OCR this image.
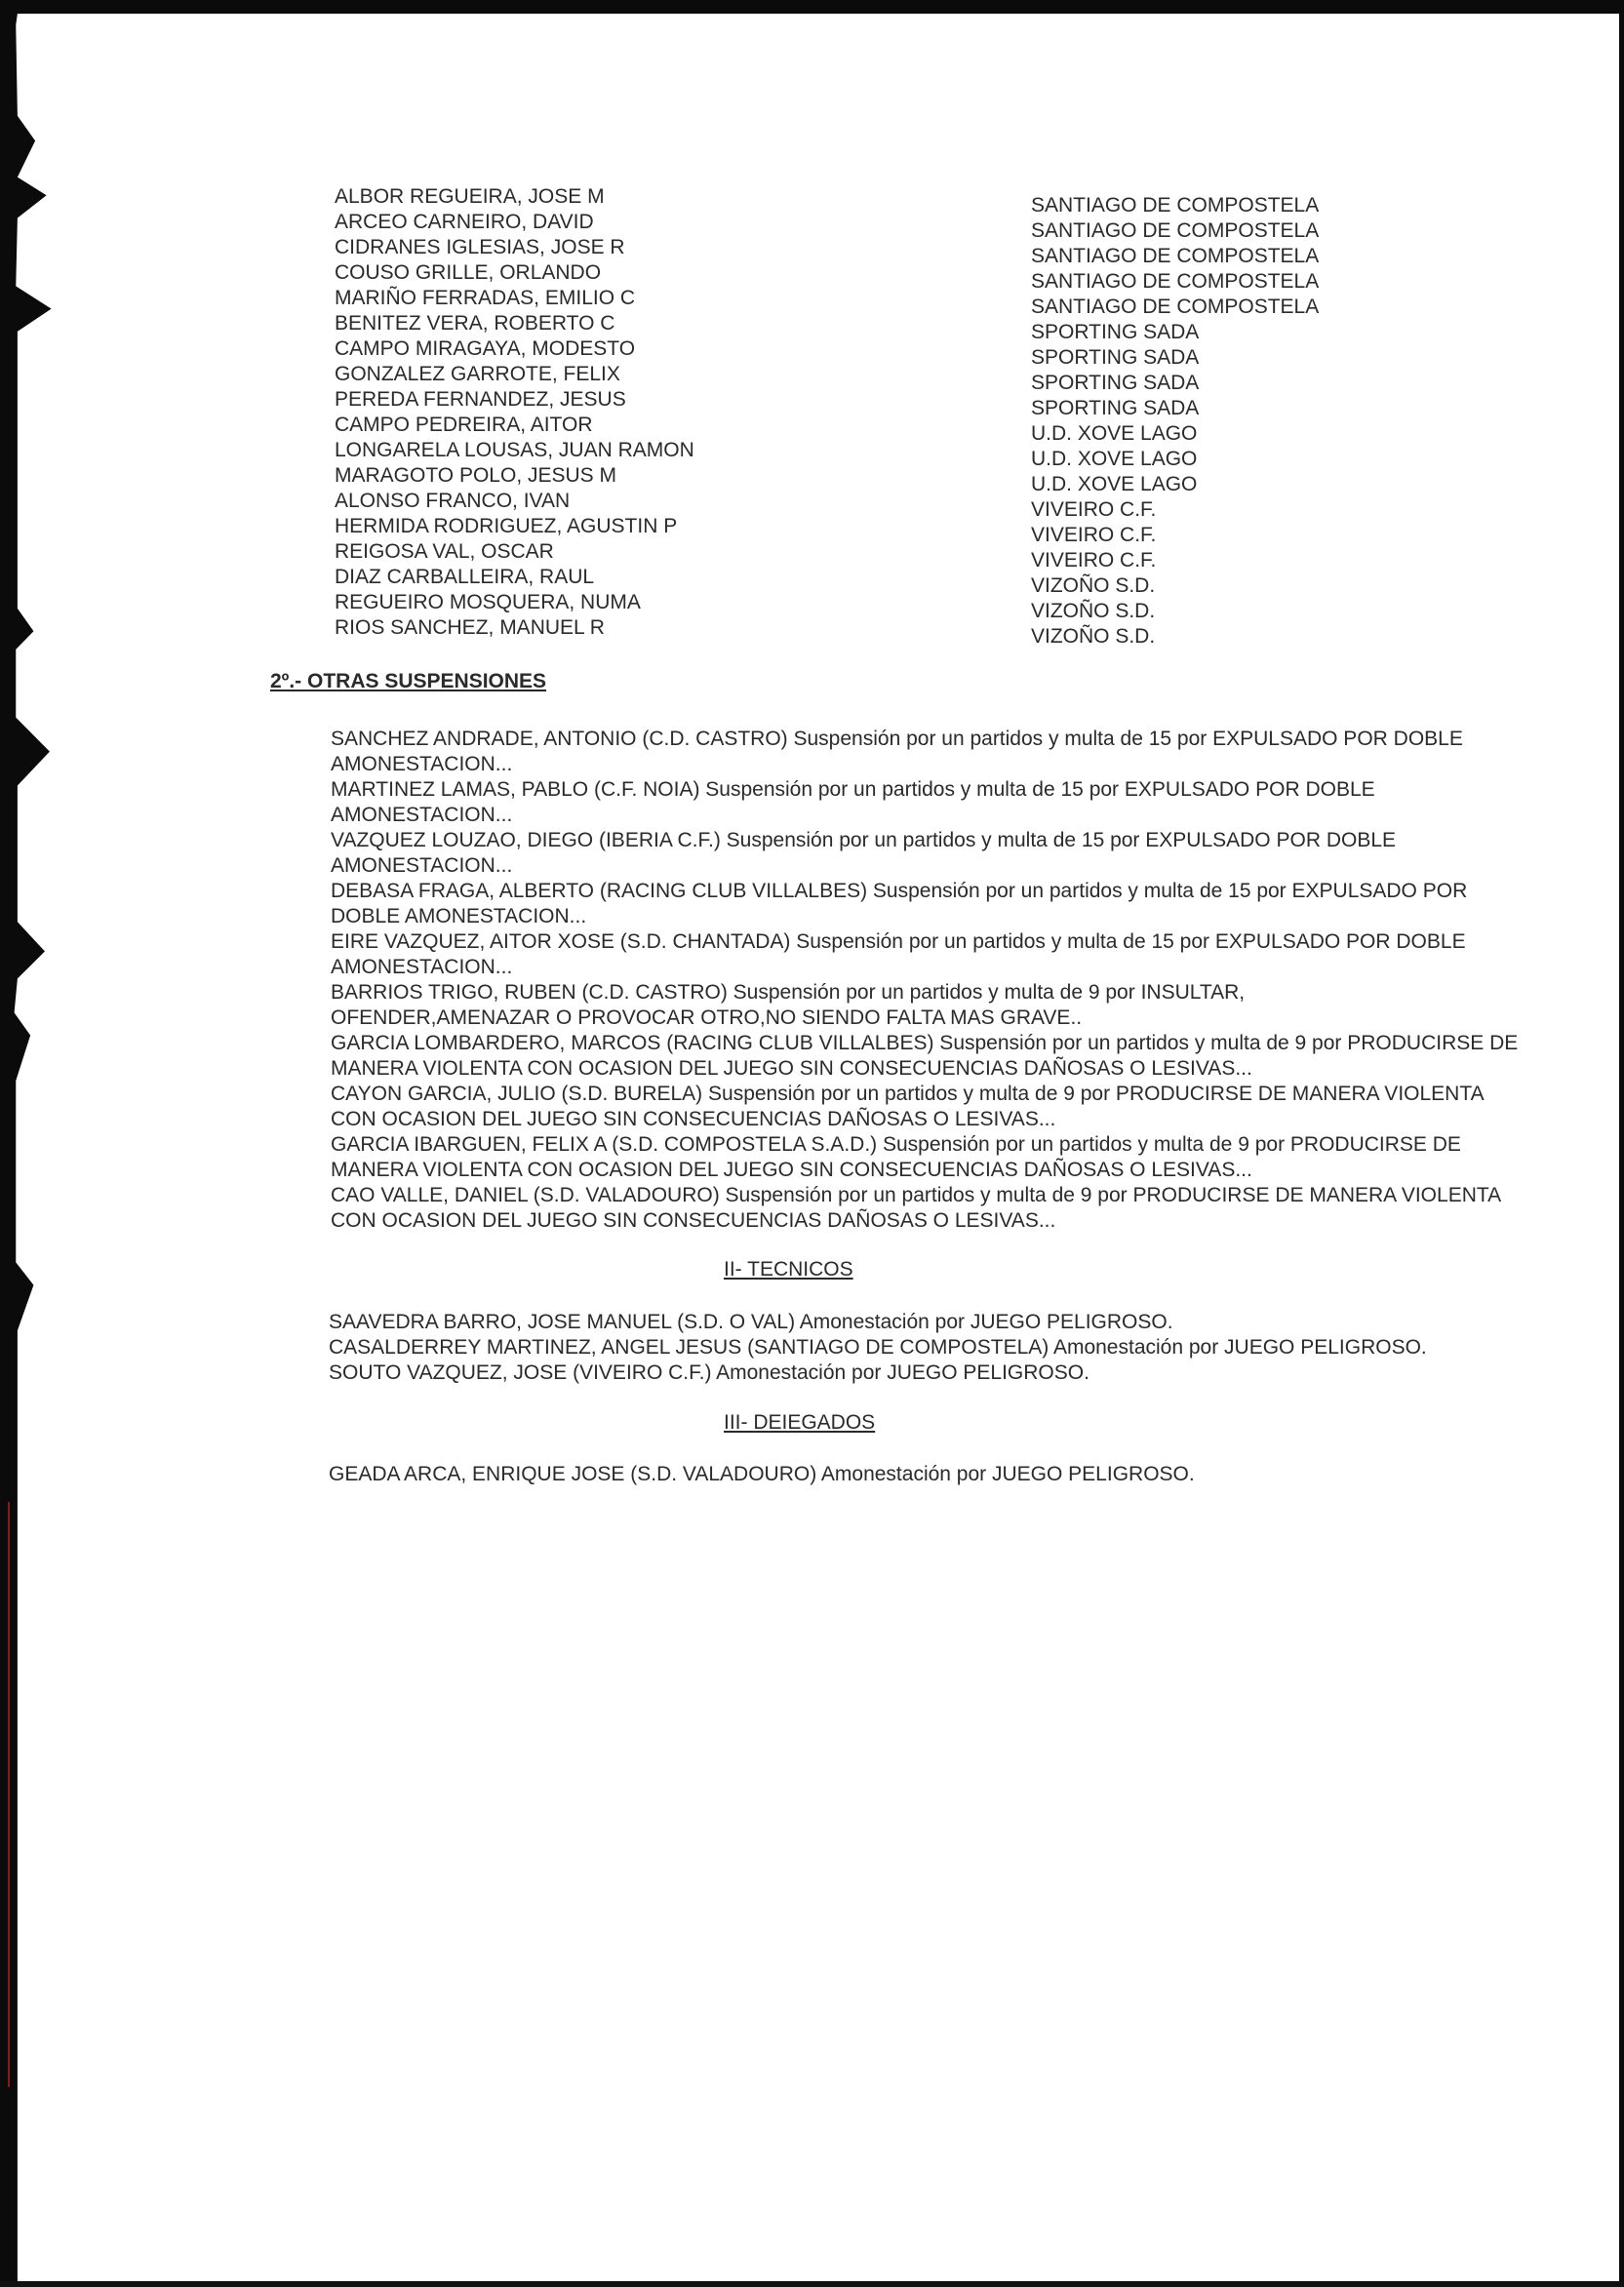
ALBOR REGUEIRA, JOSE M
ARCEO CARNEIRO, DAVID
CIDRANES IGLESIAS, JOSE R
COUSO GRILLE, ORLANDO
MARIÑO FERRADAS, EMILIO C
BENITEZ VERA, ROBERTO C
CAMPO MIRAGAYA, MODESTO
GONZALEZ GARROTE, FELIX
PEREDA FERNANDEZ, JESUS
CAMPO PEDREIRA, AITOR
LONGARELA LOUSAS, JUAN RAMON
MARAGOTO POLO, JESUS M
ALONSO FRANCO, IVAN
HERMIDA RODRIGUEZ, AGUSTIN P
REIGOSA VAL, OSCAR
DIAZ CARBALLEIRA, RAUL
REGUEIRO MOSQUERA, NUMA
RIOS SANCHEZ, MANUEL R
SANTIAGO DE COMPOSTELA
SANTIAGO DE COMPOSTELA
SANTIAGO DE COMPOSTELA
SANTIAGO DE COMPOSTELA
SANTIAGO DE COMPOSTELA
SPORTING SADA
SPORTING SADA
SPORTING SADA
SPORTING SADA
U.D. XOVE LAGO
U.D. XOVE LAGO
U.D. XOVE LAGO
VIVEIRO C.F.
VIVEIRO C.F.
VIVEIRO C.F.
VIZOÑO S.D.
VIZOÑO S.D.
VIZOÑO S.D.
2º.- OTRAS SUSPENSIONES
SANCHEZ ANDRADE, ANTONIO (C.D. CASTRO) Suspensión por un partidos y multa de 15 por EXPULSADO POR DOBLE AMONESTACION...
MARTINEZ LAMAS, PABLO (C.F. NOIA) Suspensión por un partidos y multa de 15 por EXPULSADO POR DOBLE AMONESTACION...
VAZQUEZ LOUZAO, DIEGO (IBERIA C.F.) Suspensión por un partidos y multa de 15 por EXPULSADO POR DOBLE AMONESTACION...
DEBASA FRAGA, ALBERTO (RACING CLUB VILLALBES) Suspensión por un partidos y multa de 15 por EXPULSADO POR DOBLE AMONESTACION...
EIRE VAZQUEZ, AITOR XOSE (S.D. CHANTADA) Suspensión por un partidos y multa de 15 por EXPULSADO POR DOBLE AMONESTACION...
BARRIOS TRIGO, RUBEN (C.D. CASTRO) Suspensión por un partidos y multa de 9 por INSULTAR, OFENDER,AMENAZAR O PROVOCAR OTRO,NO SIENDO FALTA MAS GRAVE..
GARCIA LOMBARDERO, MARCOS (RACING CLUB VILLALBES) Suspensión por un partidos y multa de 9 por PRODUCIRSE DE MANERA VIOLENTA CON OCASION DEL JUEGO SIN CONSECUENCIAS DAÑOSAS O LESIVAS...
CAYON GARCIA, JULIO (S.D. BURELA) Suspensión por un partidos y multa de 9 por PRODUCIRSE DE MANERA VIOLENTA CON OCASION DEL JUEGO SIN CONSECUENCIAS DAÑOSAS O LESIVAS...
GARCIA IBARGUEN, FELIX A (S.D. COMPOSTELA S.A.D.) Suspensión por un partidos y multa de 9 por PRODUCIRSE DE MANERA VIOLENTA CON OCASION DEL JUEGO SIN CONSECUENCIAS DAÑOSAS O LESIVAS...
CAO VALLE, DANIEL (S.D. VALADOURO) Suspensión por un partidos y multa de 9 por PRODUCIRSE DE MANERA VIOLENTA CON OCASION DEL JUEGO SIN CONSECUENCIAS DAÑOSAS O LESIVAS...
II- TECNICOS
SAAVEDRA BARRO, JOSE MANUEL (S.D. O VAL) Amonestación por JUEGO PELIGROSO.
CASALDERREY MARTINEZ, ANGEL JESUS (SANTIAGO DE COMPOSTELA) Amonestación por JUEGO PELIGROSO.
SOUTO VAZQUEZ, JOSE (VIVEIRO C.F.) Amonestación por JUEGO PELIGROSO.
III- DEIEGADOS
GEADA ARCA, ENRIQUE JOSE (S.D. VALADOURO) Amonestación por JUEGO PELIGROSO.
